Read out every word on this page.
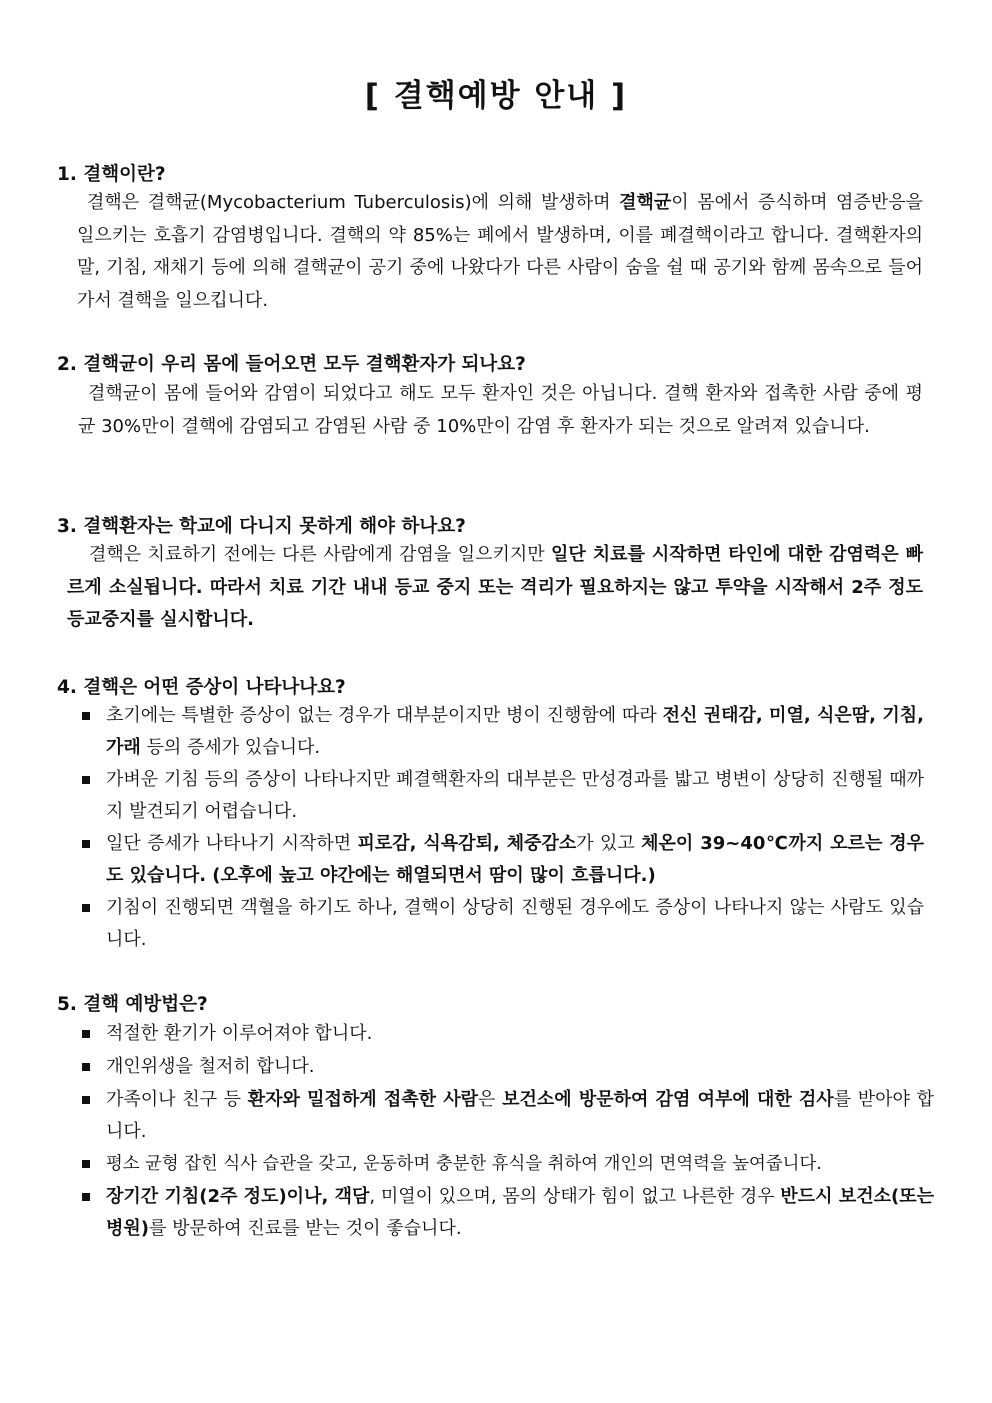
[ 결핵예방 안내 ]
1. 결핵이란?
결핵은 결핵균(Mycobacterium Tuberculosis)에 의해 발생하며 결핵균이 몸에서 증식하며 염증반응을 일으키는 호흡기 감염병입니다. 결핵의 약 85%는 폐에서 발생하며, 이를 폐결핵이라고 합니다. 결핵환자의 말, 기침, 재채기 등에 의해 결핵균이 공기 중에 나왔다가 다른 사람이 숨을 쉴 때 공기와 함께 몸속으로 들어가서 결핵을 일으킵니다.
2. 결핵균이 우리 몸에 들어오면 모두 결핵환자가 되나요?
결핵균이 몸에 들어와 감염이 되었다고 해도 모두 환자인 것은 아닙니다. 결핵 환자와 접촉한 사람 중에 평균 30%만이 결핵에 감염되고 감염된 사람 중 10%만이 감염 후 환자가 되는 것으로 알려져 있습니다.
3. 결핵환자는 학교에 다니지 못하게 해야 하나요?
결핵은 치료하기 전에는 다른 사람에게 감염을 일으키지만 일단 치료를 시작하면 타인에 대한 감염력은 빠르게 소실됩니다. 따라서 치료 기간 내내 등교 중지 또는 격리가 필요하지는 않고 투약을 시작해서 2주 정도 등교중지를 실시합니다.
4. 결핵은 어떤 증상이 나타나나요?
초기에는 특별한 증상이 없는 경우가 대부분이지만 병이 진행함에 따라 전신 권태감, 미열, 식은땀, 기침, 가래 등의 증세가 있습니다.
가벼운 기침 등의 증상이 나타나지만 폐결핵환자의 대부분은 만성경과를 밟고 병변이 상당히 진행될 때까지 발견되기 어렵습니다.
일단 증세가 나타나기 시작하면 피로감, 식욕감퇴, 체중감소가 있고 체온이 39~40℃까지 오르는 경우도 있습니다. (오후에 높고 야간에는 해열되면서 땀이 많이 흐릅니다.)
기침이 진행되면 객혈을 하기도 하나, 결핵이 상당히 진행된 경우에도 증상이 나타나지 않는 사람도 있습니다.
5. 결핵 예방법은?
적절한 환기가 이루어져야 합니다.
개인위생을 철저히 합니다.
가족이나 친구 등 환자와 밀접하게 접촉한 사람은 보건소에 방문하여 감염 여부에 대한 검사를 받아야 합니다.
평소 균형 잡힌 식사 습관을 갖고, 운동하며 충분한 휴식을 취하여 개인의 면역력을 높여줍니다.
장기간 기침(2주 정도)이나, 객담, 미열이 있으며, 몸의 상태가 힘이 없고 나른한 경우 반드시 보건소(또는 병원)를 방문하여 진료를 받는 것이 좋습니다.
